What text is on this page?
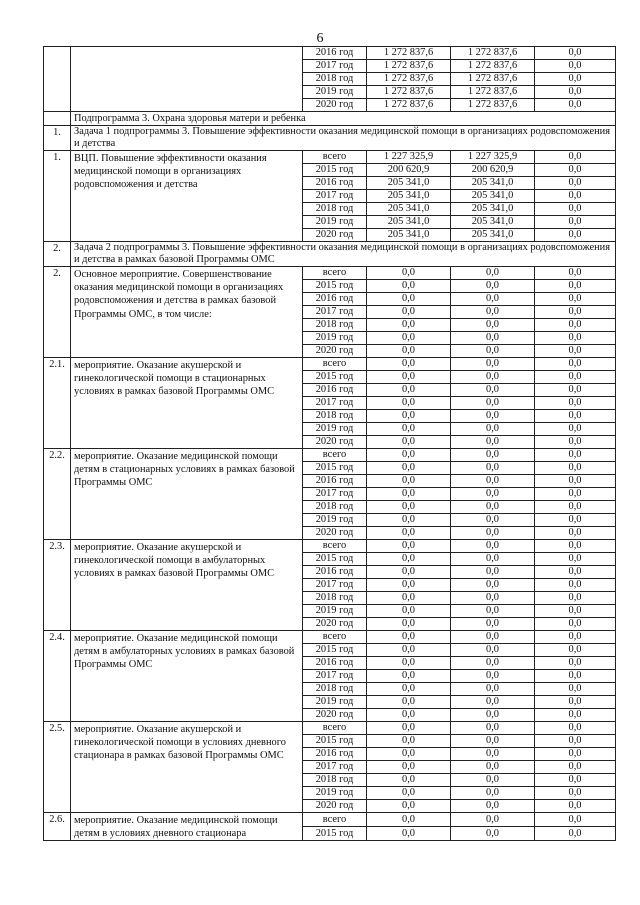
6
		2016 год	1 272 837,6	1 272 837,6	0,0
		2017 год	1 272 837,6	1 272 837,6	0,0
		2018 год	1 272 837,6	1 272 837,6	0,0
		2019 год	1 272 837,6	1 272 837,6	0,0
		2020 год	1 272 837,6	1 272 837,6	0,0
	Подпрограмма 3. Охрана здоровья матери и ребенка				
1.	Задача 1 подпрограммы 3. Повышение эффективности оказания медицинской помощи в организациях родовспоможения и детства				
1.	ВЦП. Повышение эффективности оказания медицинской помощи в организациях родовспоможения и детства	всего	1 227 325,9	1 227 325,9	0,0
		2015 год	200 620,9	200 620,9	0,0
		2016 год	205 341,0	205 341,0	0,0
		2017 год	205 341,0	205 341,0	0,0
		2018 год	205 341,0	205 341,0	0,0
		2019 год	205 341,0	205 341,0	0,0
		2020 год	205 341,0	205 341,0	0,0
2.	Задача 2 подпрограммы 3. Повышение эффективности оказания медицинской помощи в организациях родовспоможения и детства в рамках базовой Программы ОМС				
2.	Основное мероприятие. Совершенствование оказания медицинской помощи в организациях родовспоможения и детства в рамках базовой Программы ОМС, в том числе:	всего	0,0	0,0	0,0
		2015 год	0,0	0,0	0,0
		2016 год	0,0	0,0	0,0
		2017 год	0,0	0,0	0,0
		2018 год	0,0	0,0	0,0
		2019 год	0,0	0,0	0,0
		2020 год	0,0	0,0	0,0
2.1.	мероприятие. Оказание акушерской и гинекологической помощи в стационарных условиях в рамках базовой Программы ОМС	всего	0,0	0,0	0,0
		2015 год	0,0	0,0	0,0
		2016 год	0,0	0,0	0,0
		2017 год	0,0	0,0	0,0
		2018 год	0,0	0,0	0,0
		2019 год	0,0	0,0	0,0
		2020 год	0,0	0,0	0,0
2.2.	мероприятие. Оказание медицинской помощи детям в стационарных условиях в рамках базовой Программы ОМС	всего	0,0	0,0	0,0
		2015 год	0,0	0,0	0,0
		2016 год	0,0	0,0	0,0
		2017 год	0,0	0,0	0,0
		2018 год	0,0	0,0	0,0
		2019 год	0,0	0,0	0,0
		2020 год	0,0	0,0	0,0
2.3.	мероприятие. Оказание акушерской и гинекологической помощи в амбулаторных условиях в рамках базовой Программы ОМС	всего	0,0	0,0	0,0
		2015 год	0,0	0,0	0,0
		2016 год	0,0	0,0	0,0
		2017 год	0,0	0,0	0,0
		2018 год	0,0	0,0	0,0
		2019 год	0,0	0,0	0,0
		2020 год	0,0	0,0	0,0
2.4.	мероприятие. Оказание медицинской помощи детям в амбулаторных условиях в рамках базовой Программы ОМС	всего	0,0	0,0	0,0
		2015 год	0,0	0,0	0,0
		2016 год	0,0	0,0	0,0
		2017 год	0,0	0,0	0,0
		2018 год	0,0	0,0	0,0
		2019 год	0,0	0,0	0,0
		2020 год	0,0	0,0	0,0
2.5.	мероприятие. Оказание акушерской и гинекологической помощи в условиях дневного стационара в рамках базовой Программы ОМС	всего	0,0	0,0	0,0
		2015 год	0,0	0,0	0,0
		2016 год	0,0	0,0	0,0
		2017 год	0,0	0,0	0,0
		2018 год	0,0	0,0	0,0
		2019 год	0,0	0,0	0,0
		2020 год	0,0	0,0	0,0
2.6.	мероприятие. Оказание медицинской помощи детям в условиях дневного стационара	всего	0,0	0,0	0,0
		2015 год	0,0	0,0	0,0
